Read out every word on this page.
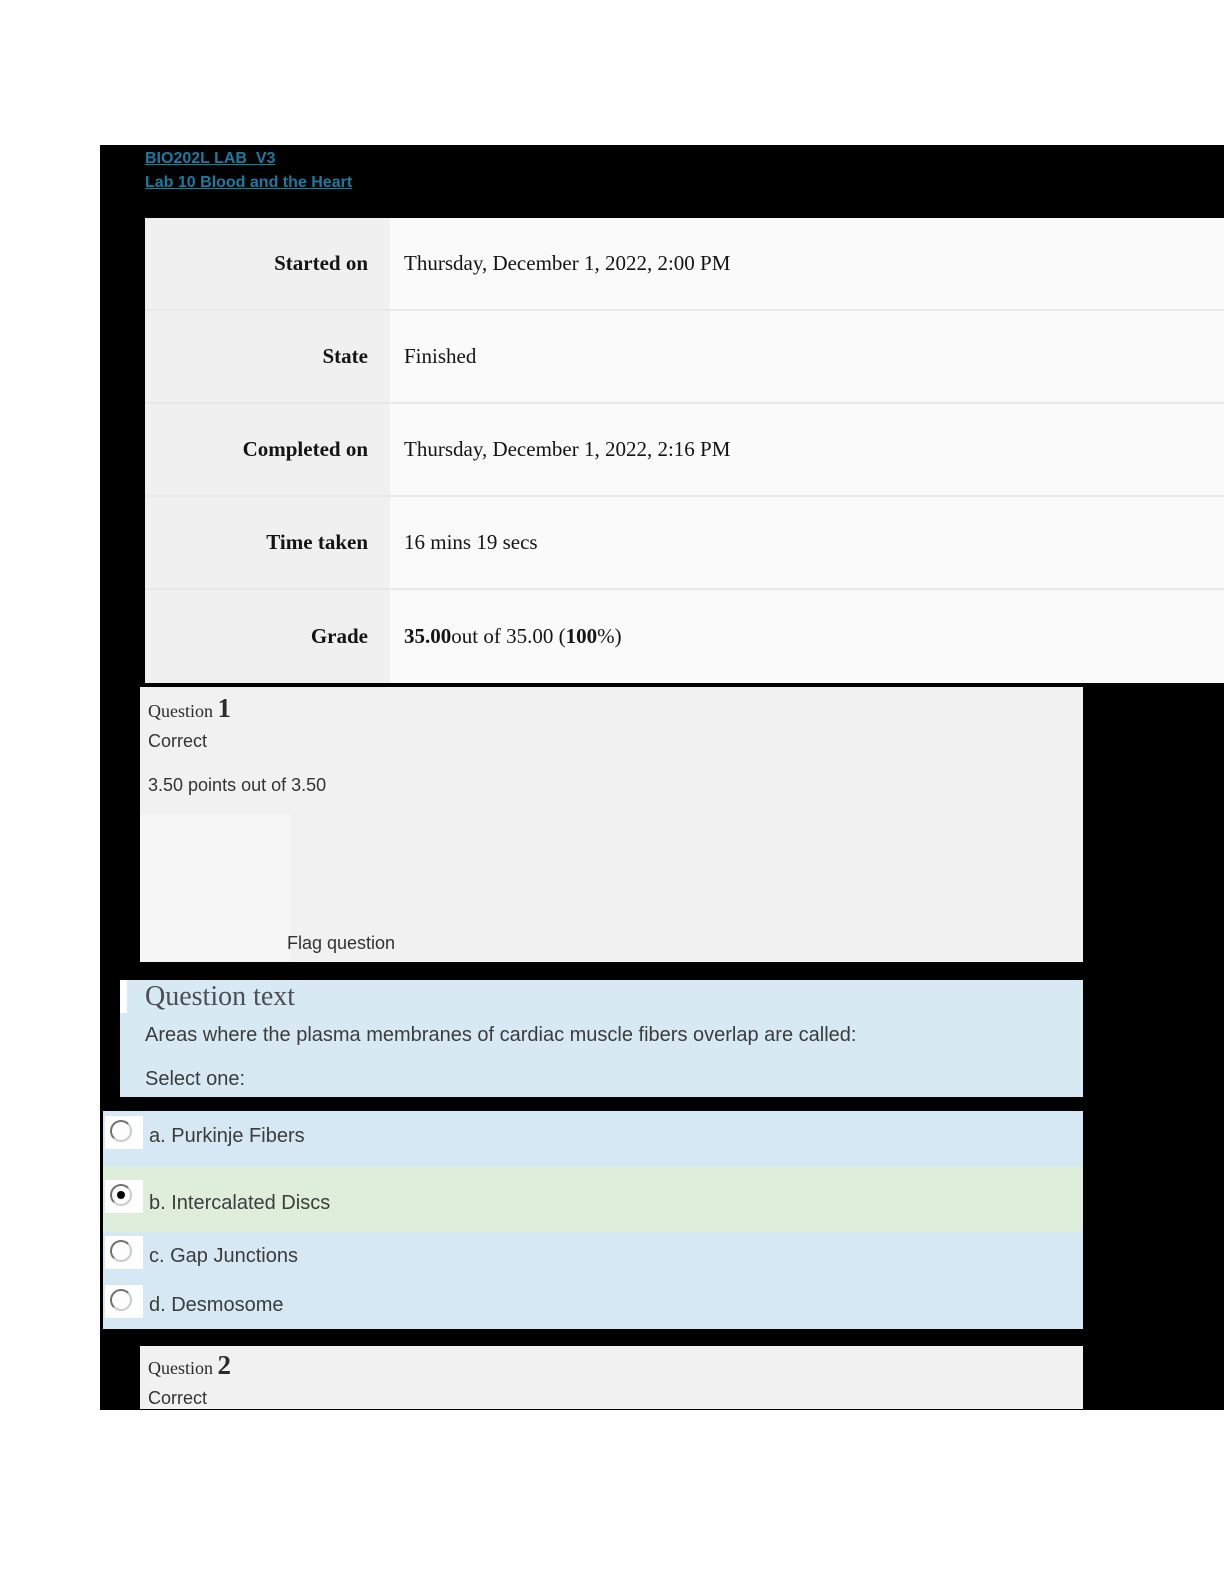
BIO202L LAB_V3
Lab 10 Blood and the Heart
Started on	Thursday, December 1, 2022, 2:00 PM
State	Finished
Completed on	Thursday, December 1, 2022, 2:16 PM
Time taken	16 mins 19 secs
Grade	35.00 out of 35.00 ( 100 %)
Question 1
Correct
3.50 points out of 3.50
Flag question
Question text
Areas where the plasma membranes of cardiac muscle fibers overlap are called:
Select one:
a. Purkinje Fibers
b. Intercalated Discs
c. Gap Junctions
d. Desmosome
Question 2
Correct
